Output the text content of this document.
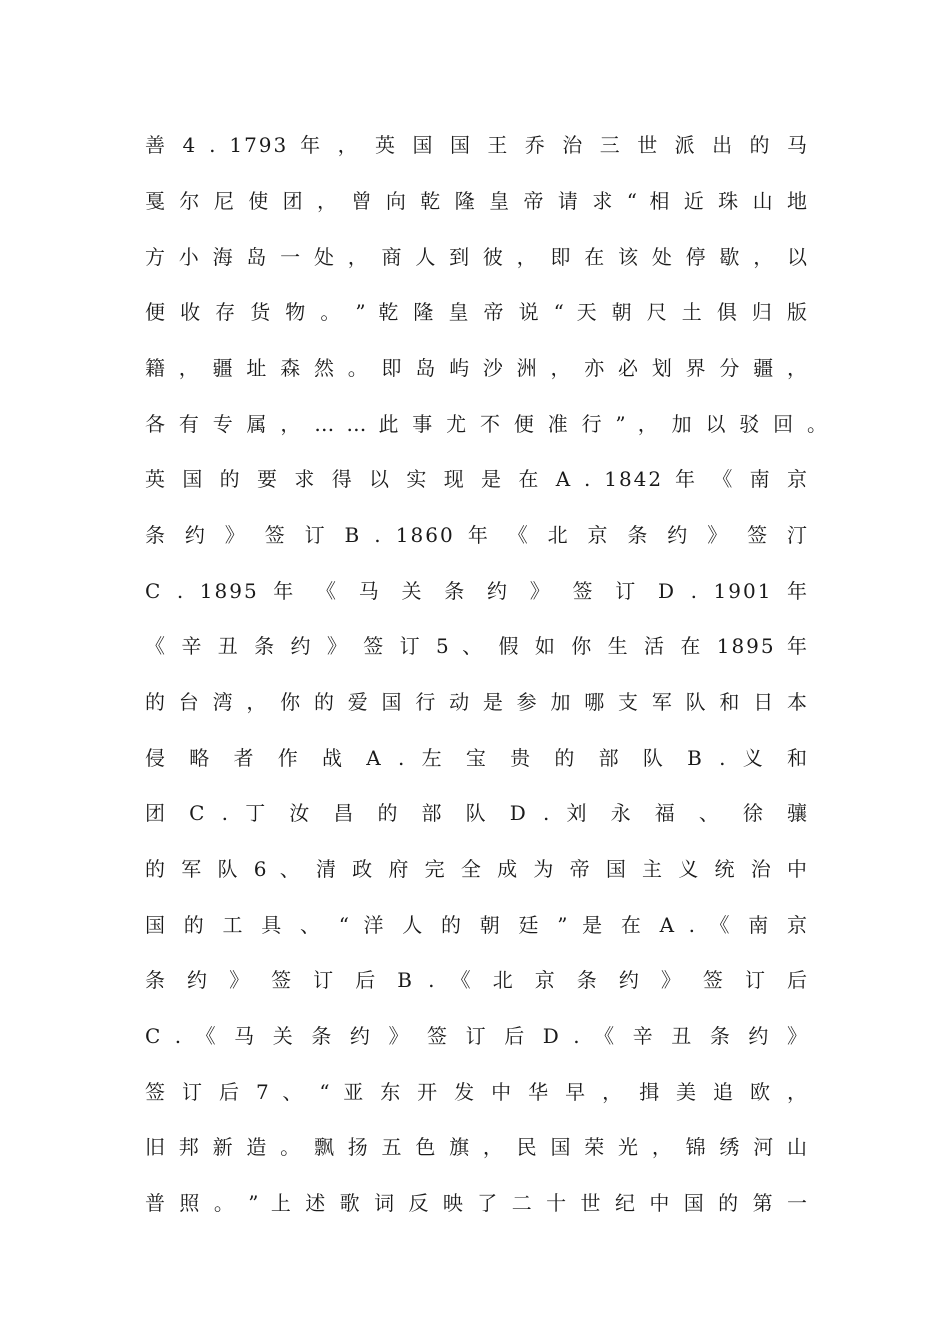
善 4 . 1793 年 ， 英 国 国 王 乔 治 三 世 派 出 的 马
戛 尔 尼 使 团 ， 曾 向 乾 隆 皇 帝 请 求 “ 相 近 珠 山 地
方 小 海 岛 一 处 ， 商 人 到 彼 ， 即 在 该 处 停 歇 ， 以
便 收 存 货 物 。 ” 乾 隆 皇 帝 说 “ 天 朝 尺 土 俱 归 版
籍 ， 疆 址 森 然 。 即 岛 屿 沙 洲 ， 亦 必 划 界 分 疆 ，
各 有 专 属 ， … … 此 事 尤 不 便 准 行 ” ， 加 以 驳 回 。
英 国 的 要 求 得 以 实 现 是 在 A . 1842 年 《 南 京
条 约 》 签 订 B . 1860 年 《 北 京 条 约 》 签 汀
C . 1895 年 《 马 关 条 约 》 签 订 D . 1901 年
《 辛 丑 条 约 》 签 订 5 、 假 如 你 生 活 在 1895 年
的 台 湾 ， 你 的 爱 国 行 动 是 参 加 哪 支 军 队 和 日 本
侵 略 者 作 战 A . 左 宝 贵 的 部 队 B . 义 和
团 C . 丁 汝 昌 的 部 队 D . 刘 永 福 、 徐 骧
的 军 队 6 、 清 政 府 完 全 成 为 帝 国 主 义 统 治 中
国 的 工 具 、 “ 洋 人 的 朝 廷 ” 是 在 A . 《 南 京
条 约 》 签 订 后 B . 《 北 京 条 约 》 签 订 后
C . 《 马 关 条 约 》 签 订 后 D . 《 辛 丑 条 约 》
签 订 后 7 、 “ 亚 东 开 发 中 华 早 ， 揖 美 追 欧 ，
旧 邦 新 造 。 飘 扬 五 色 旗 ， 民 国 荣 光 ， 锦 绣 河 山
普 照 。 ” 上 述 歌 词 反 映 了 二 十 世 纪 中 国 的 第 一
